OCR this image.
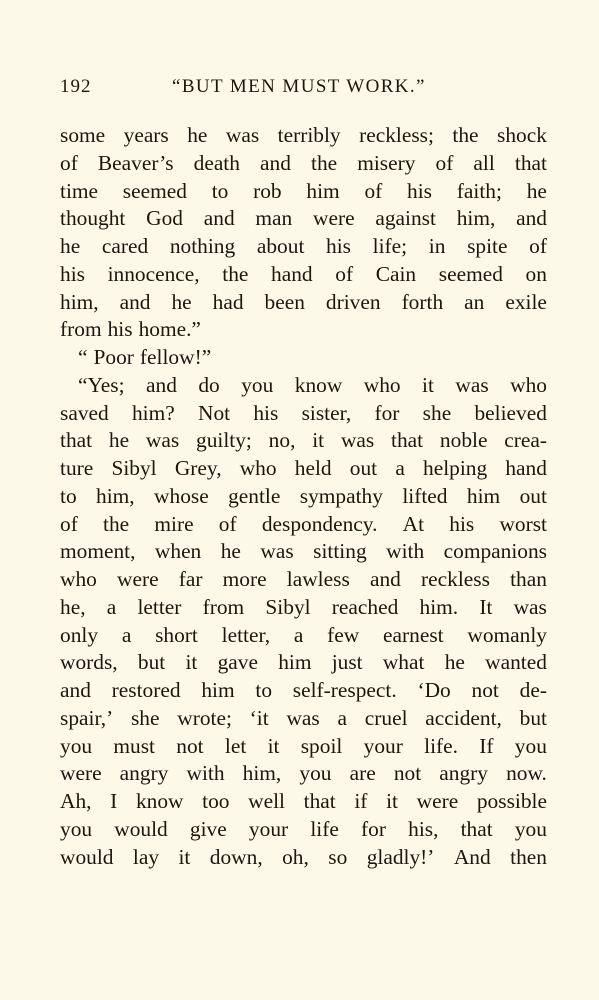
192	“BUT MEN MUST WORK.”
some years he was terribly reckless; the shock
of Beaver’s death and the misery of all that
time seemed to rob him of his faith; he
thought God and man were against him, and
he cared nothing about his life; in spite of
his innocence, the hand of Cain seemed on
him, and he had been driven forth an exile
from his home.”
“ Poor fellow!”
“Yes; and do you know who it was who
saved him? Not his sister, for she believed
that he was guilty; no, it was that noble crea-
ture Sibyl Grey, who held out a helping hand
to him, whose gentle sympathy lifted him out
of the mire of despondency. At his worst
moment, when he was sitting with companions
who were far more lawless and reckless than
he, a letter from Sibyl reached him. It was
only a short letter, a few earnest womanly
words, but it gave him just what he wanted
and restored him to self-respect. ‘Do not de-
spair,’ she wrote; ‘it was a cruel accident, but
you must not let it spoil your life. If you
were angry with him, you are not angry now.
Ah, I know too well that if it were possible
you would give your life for his, that you
would lay it down, oh, so gladly!’ And then
